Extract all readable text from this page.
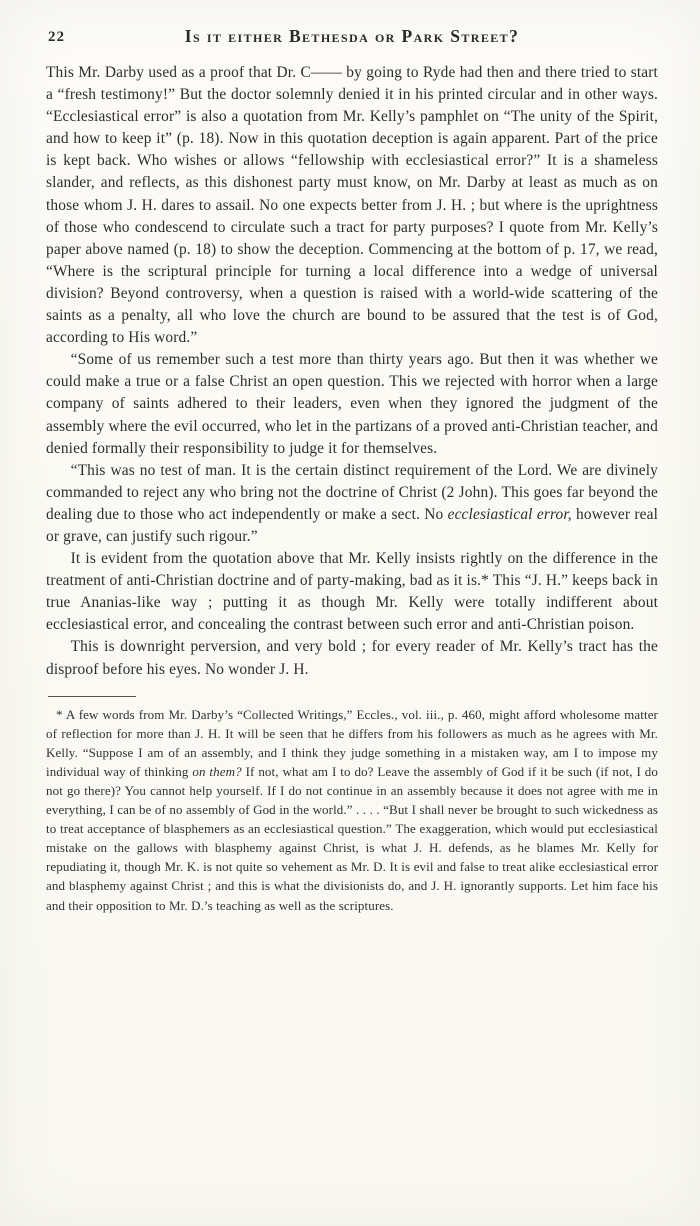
22	Is it either Bethesda or Park Street?

This Mr. Darby used as a proof that Dr. C—— by going to Ryde had then and there tried to start a “fresh testimony!” But the doctor solemnly denied it in his printed circular and in other ways. “Ecclesiastical error” is also a quotation from Mr. Kelly’s pamphlet on “The unity of the Spirit, and how to keep it” (p. 18). Now in this quotation deception is again apparent. Part of the price is kept back. Who wishes or allows “fellowship with ecclesiastical error?” It is a shameless slander, and reflects, as this dishonest party must know, on Mr. Darby at least as much as on those whom J. H. dares to assail. No one expects better from J. H. ; but where is the uprightness of those who condescend to circulate such a tract for party purposes? I quote from Mr. Kelly’s paper above named (p. 18) to show the deception. Commencing at the bottom of p. 17, we read, “Where is the scriptural principle for turning a local difference into a wedge of universal division? Beyond controversy, when a question is raised with a world-wide scattering of the saints as a penalty, all who love the church are bound to be assured that the test is of God, according to His word.”

“Some of us remember such a test more than thirty years ago. But then it was whether we could make a true or a false Christ an open question. This we rejected with horror when a large company of saints adhered to their leaders, even when they ignored the judgment of the assembly where the evil occurred, who let in the partizans of a proved anti-Christian teacher, and denied formally their responsibility to judge it for themselves.

“This was no test of man. It is the certain distinct requirement of the Lord. We are divinely commanded to reject any who bring not the doctrine of Christ (2 John). This goes far beyond the dealing due to those who act independently or make a sect. No ecclesiastical error, however real or grave, can justify such rigour.”

It is evident from the quotation above that Mr. Kelly insists rightly on the difference in the treatment of anti-Christian doctrine and of party-making, bad as it is.* This “J. H.” keeps back in true Ananias-like way ; putting it as though Mr. Kelly were totally indifferent about ecclesiastical error, and concealing the contrast between such error and anti-Christian poison.

This is downright perversion, and very bold ; for every reader of Mr. Kelly’s tract has the disproof before his eyes. No wonder J. H.

* A few words from Mr. Darby’s “Collected Writings,” Eccles., vol. iii., p. 460, might afford wholesome matter of reflection for more than J. H. It will be seen that he differs from his followers as much as he agrees with Mr. Kelly. “Suppose I am of an assembly, and I think they judge something in a mistaken way, am I to impose my individual way of thinking on them? If not, what am I to do? Leave the assembly of God if it be such (if not, I do not go there)? You cannot help yourself. If I do not continue in an assembly because it does not agree with me in everything, I can be of no assembly of God in the world.” . . . . “But I shall never be brought to such wickedness as to treat acceptance of blasphemers as an ecclesiastical question.” The exaggeration, which would put ecclesiastical mistake on the gallows with blasphemy against Christ, is what J. H. defends, as he blames Mr. Kelly for repudiating it, though Mr. K. is not quite so vehement as Mr. D. It is evil and false to treat alike ecclesiastical error and blasphemy against Christ ; and this is what the divisionists do, and J. H. ignorantly supports. Let him face his and their opposition to Mr. D.’s teaching as well as the scriptures.
